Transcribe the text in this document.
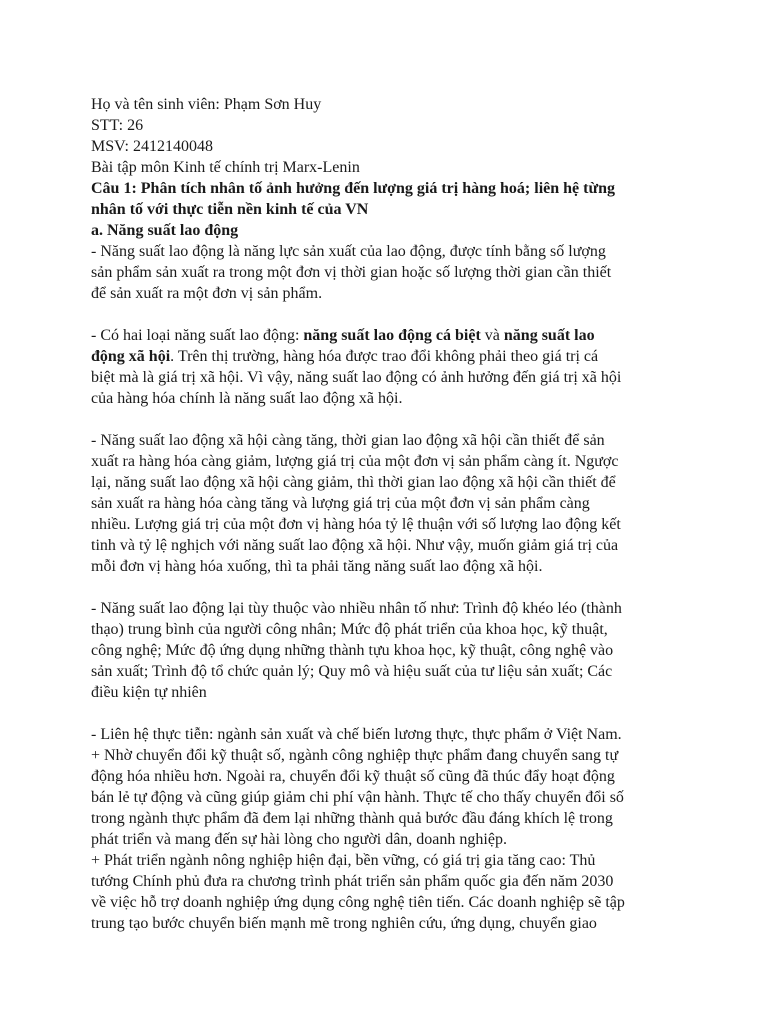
Họ và tên sinh viên: Phạm Sơn Huy
STT: 26
MSV: 2412140048
Bài tập môn Kinh tế chính trị Marx-Lenin
Câu 1: Phân tích nhân tố ảnh hưởng đến lượng giá trị hàng hoá; liên hệ từng
nhân tố với thực tiễn nền kinh tế của VN
a. Năng suất lao động
- Năng suất lao động là năng lực sản xuất của lao động, được tính bằng số lượng
sản phẩm sản xuất ra trong một đơn vị thời gian hoặc số lượng thời gian cần thiết
để sản xuất ra một đơn vị sản phẩm.
- Có hai loại năng suất lao động: năng suất lao động cá biệt và năng suất lao
động xã hội. Trên thị trường, hàng hóa được trao đổi không phải theo giá trị cá
biệt mà là giá trị xã hội. Vì vậy, năng suất lao động có ảnh hưởng đến giá trị xã hội
của hàng hóa chính là năng suất lao động xã hội.
- Năng suất lao động xã hội càng tăng, thời gian lao động xã hội cần thiết để sản
xuất ra hàng hóa càng giảm, lượng giá trị của một đơn vị sản phẩm càng ít. Ngược
lại, năng suất lao động xã hội càng giảm, thì thời gian lao động xã hội cần thiết để
sản xuất ra hàng hóa càng tăng và lượng giá trị của một đơn vị sản phẩm càng
nhiều. Lượng giá trị của một đơn vị hàng hóa tỷ lệ thuận với số lượng lao động kết
tinh và tỷ lệ nghịch với năng suất lao động xã hội. Như vậy, muốn giảm giá trị của
mỗi đơn vị hàng hóa xuống, thì ta phải tăng năng suất lao động xã hội.
- Năng suất lao động lại tùy thuộc vào nhiều nhân tố như: Trình độ khéo léo (thành
thạo) trung bình của người công nhân; Mức độ phát triển của khoa học, kỹ thuật,
công nghệ; Mức độ ứng dụng những thành tựu khoa học, kỹ thuật, công nghệ vào
sản xuất; Trình độ tổ chức quản lý; Quy mô và hiệu suất của tư liệu sản xuất; Các
điều kiện tự nhiên
- Liên hệ thực tiễn: ngành sản xuất và chế biến lương thực, thực phẩm ở Việt Nam.
+ Nhờ chuyển đổi kỹ thuật số, ngành công nghiệp thực phẩm đang chuyển sang tự
động hóa nhiều hơn. Ngoài ra, chuyển đổi kỹ thuật số cũng đã thúc đẩy hoạt động
bán lẻ tự động và cũng giúp giảm chi phí vận hành. Thực tế cho thấy chuyển đổi số
trong ngành thực phẩm đã đem lại những thành quả bước đầu đáng khích lệ trong
phát triển và mang đến sự hài lòng cho người dân, doanh nghiệp.
+ Phát triển ngành nông nghiệp hiện đại, bền vững, có giá trị gia tăng cao: Thủ
tướng Chính phủ đưa ra chương trình phát triển sản phẩm quốc gia đến năm 2030
về việc hỗ trợ doanh nghiệp ứng dụng công nghệ tiên tiến. Các doanh nghiệp sẽ tập
trung tạo bước chuyển biến mạnh mẽ trong nghiên cứu, ứng dụng, chuyển giao
